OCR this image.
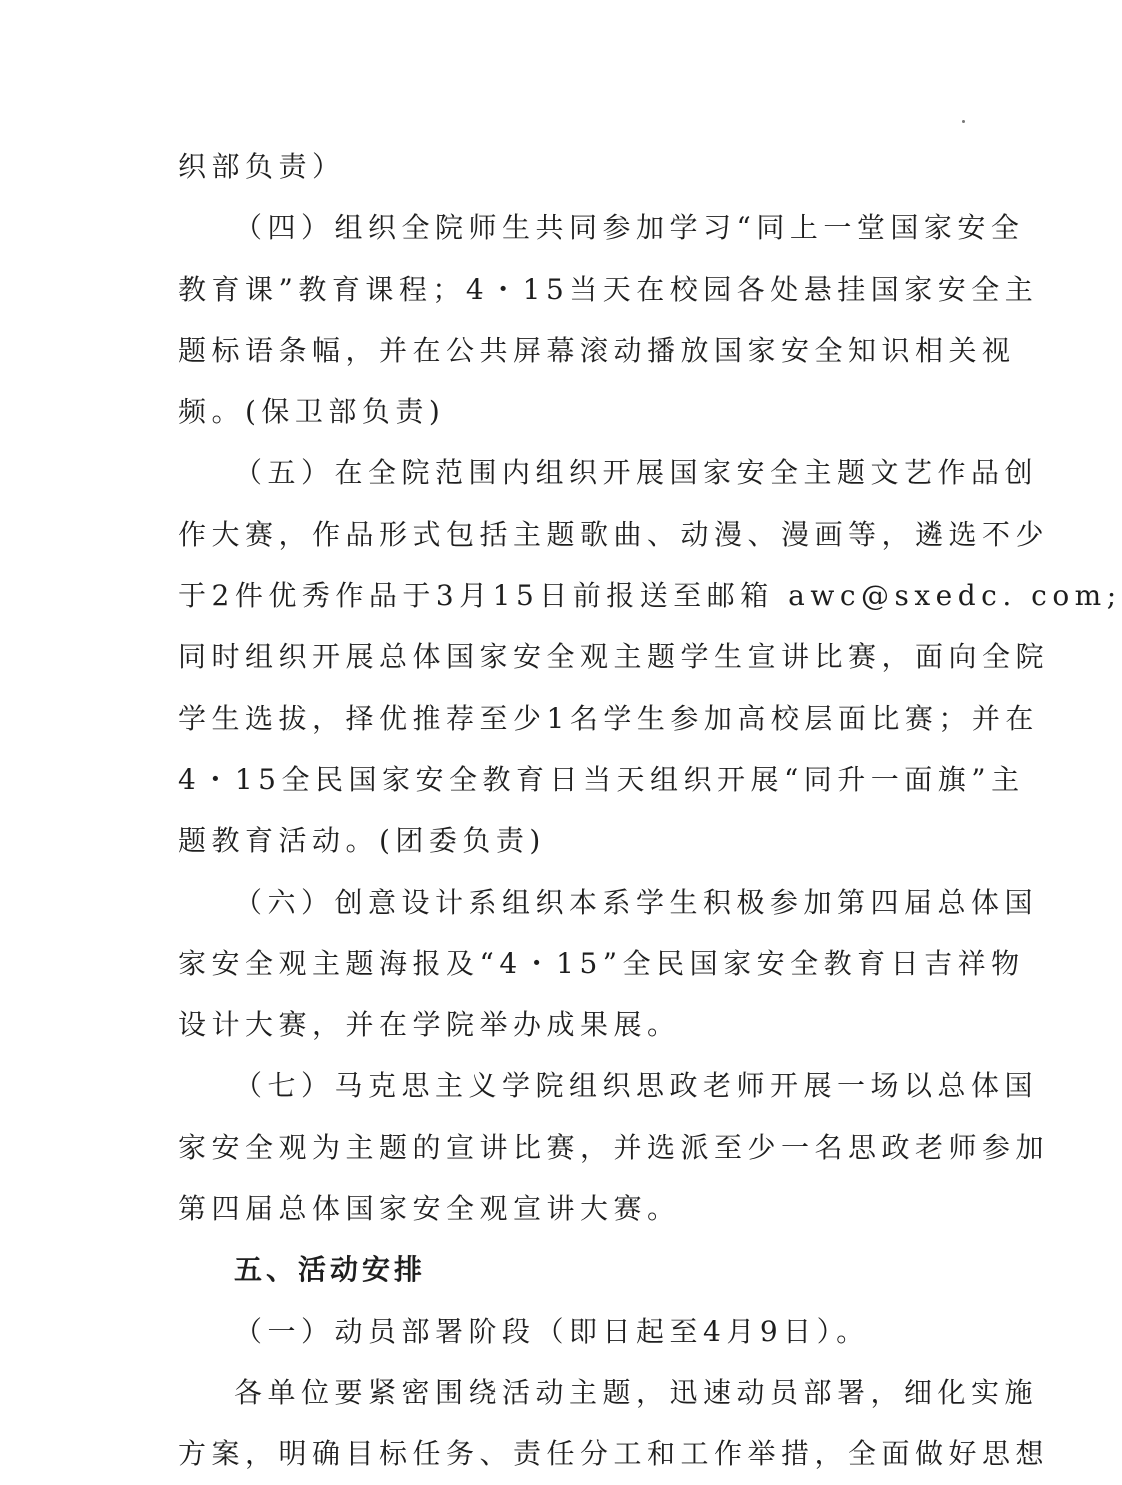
织部负责）
（四）组织全院师生共同参加学习“同上一堂国家安全
教育课”教育课程；4・15当天在校园各处悬挂国家安全主
题标语条幅，并在公共屏幕滚动播放国家安全知识相关视
频。(保卫部负责)
（五）在全院范围内组织开展国家安全主题文艺作品创
作大赛，作品形式包括主题歌曲、动漫、漫画等，遴选不少
于2件优秀作品于3月15日前报送至邮箱 awc@sxedc. com;
同时组织开展总体国家安全观主题学生宣讲比赛，面向全院
学生选拔，择优推荐至少1名学生参加高校层面比赛；并在
4・15全民国家安全教育日当天组织开展“同升一面旗”主
题教育活动。(团委负责)
（六）创意设计系组织本系学生积极参加第四届总体国
家安全观主题海报及“4・15”全民国家安全教育日吉祥物
设计大赛，并在学院举办成果展。
（七）马克思主义学院组织思政老师开展一场以总体国
家安全观为主题的宣讲比赛，并选派至少一名思政老师参加
第四届总体国家安全观宣讲大赛。
五、活动安排
（一）动员部署阶段（即日起至4月9日）。
各单位要紧密围绕活动主题，迅速动员部署，细化实施
方案，明确目标任务、责任分工和工作举措，全面做好思想
